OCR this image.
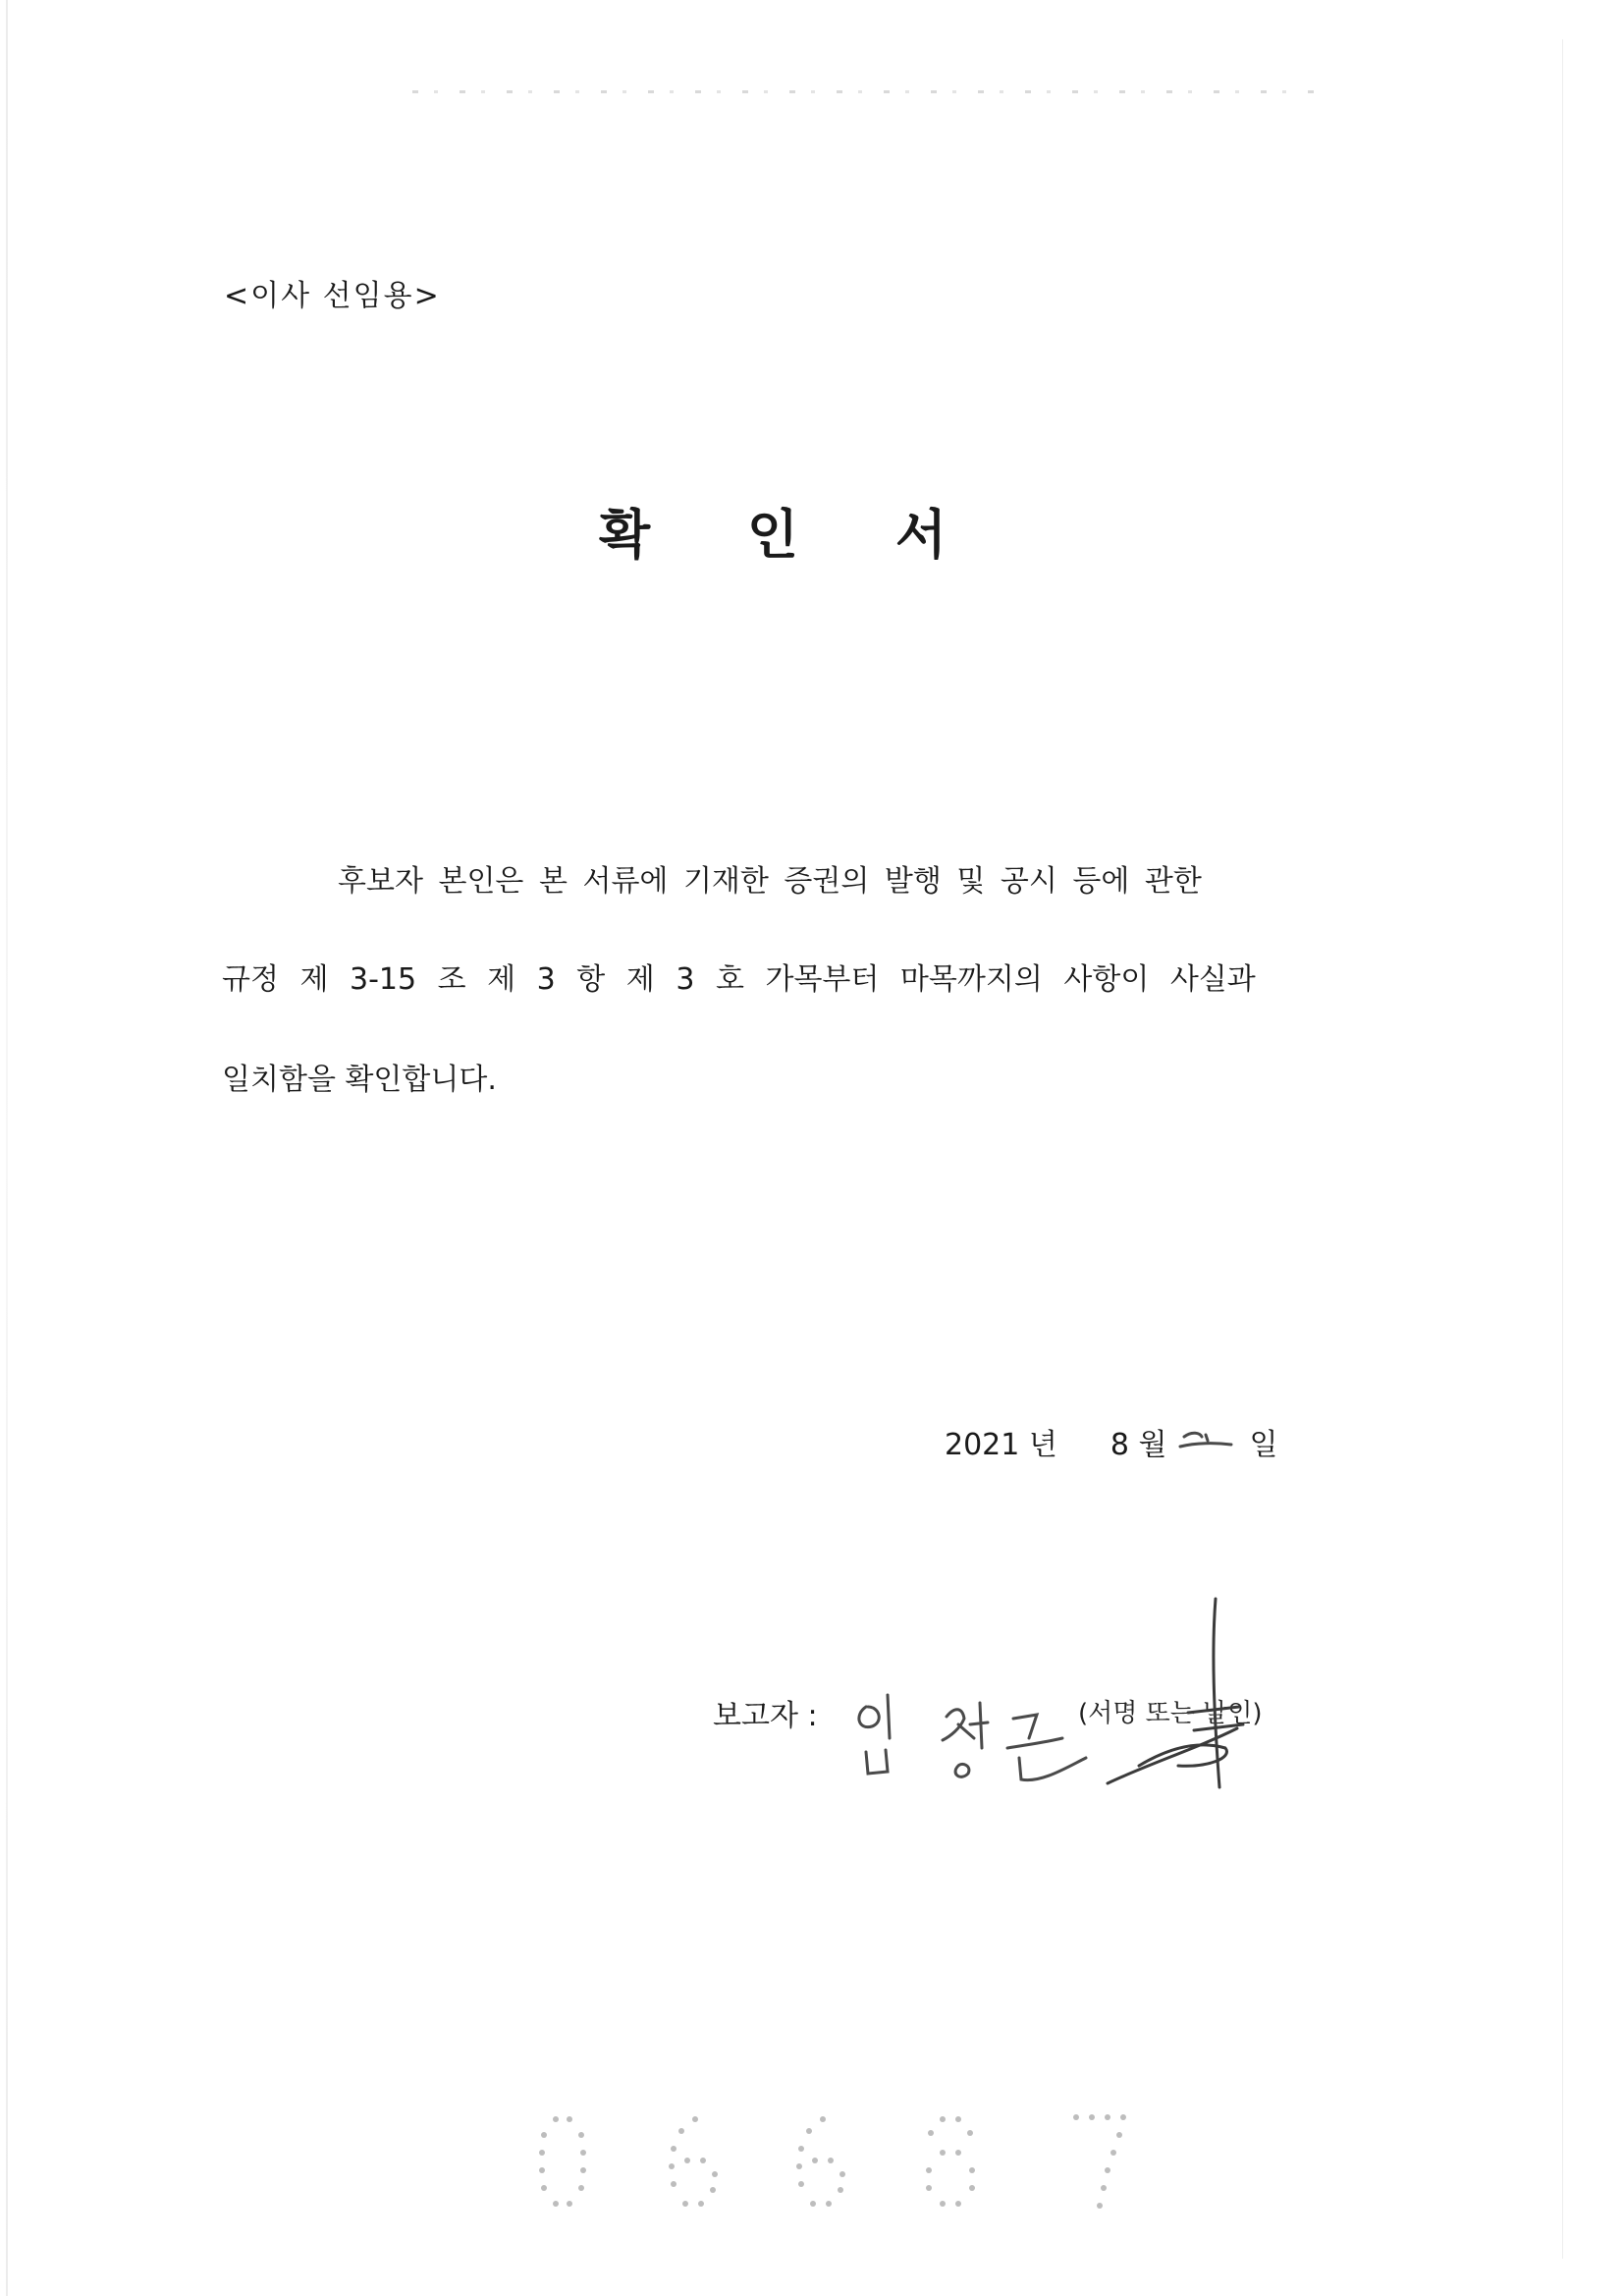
<이사 선임용>
확 인 서
후보자 본인은 본 서류에 기재한 증권의 발행 및 공시 등에 관한
규정 제 3-15 조 제 3 항 제 3 호 가목부터 마목까지의 사항이 사실과
일치함을 확인합니다.
2021 년 8 월	일
보고자 :	(서명 또는 날인)
